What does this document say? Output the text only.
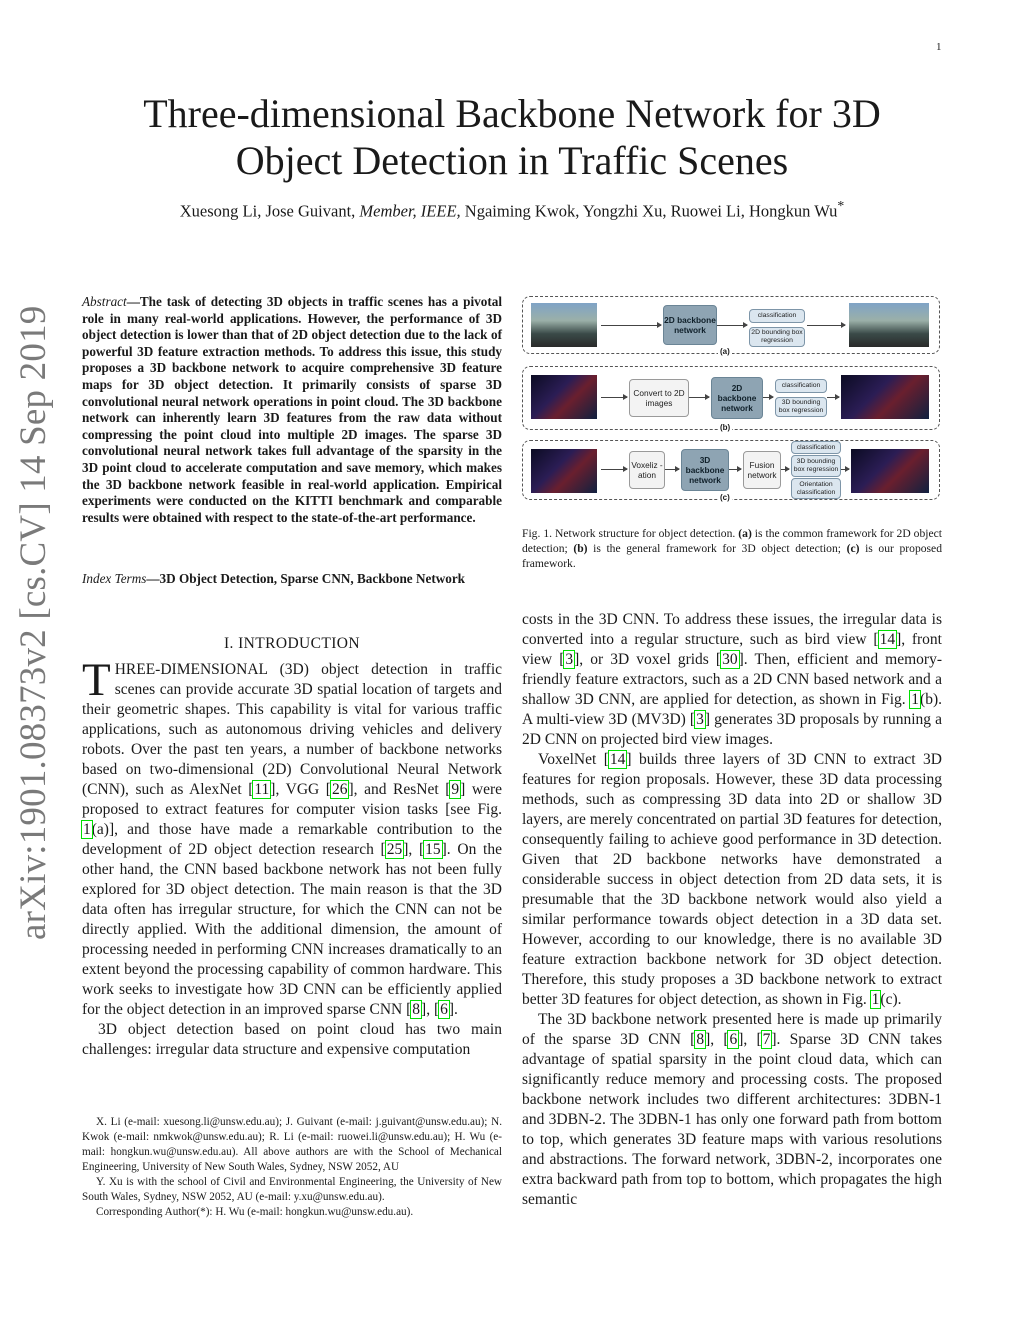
1
Three-dimensional Backbone Network for 3D Object Detection in Traffic Scenes
Xuesong Li, Jose Guivant, Member, IEEE, Ngaiming Kwok, Yongzhi Xu, Ruowei Li, Hongkun Wu*
arXiv:1901.08373v2 [cs.CV] 14 Sep 2019
Abstract—The task of detecting 3D objects in traffic scenes has a pivotal role in many real-world applications. However, the performance of 3D object detection is lower than that of 2D object detection due to the lack of powerful 3D feature extraction methods. To address this issue, this study proposes a 3D backbone network to acquire comprehensive 3D feature maps for 3D object detection. It primarily consists of sparse 3D convolutional neural network operations in point cloud. The 3D backbone network can inherently learn 3D features from the raw data without compressing the point cloud into multiple 2D images. The sparse 3D convolutional neural network takes full advantage of the sparsity in the 3D point cloud to accelerate computation and save memory, which makes the 3D backbone network feasible in real-world application. Empirical experiments were conducted on the KITTI benchmark and comparable results were obtained with respect to the state-of-the-art performance.
Index Terms—3D Object Detection, Sparse CNN, Backbone Network
I. INTRODUCTION

THREE-DIMENSIONAL (3D) object detection in traffic scenes can provide accurate 3D spatial location of targets and their geometric shapes. This capability is vital for various traffic applications, such as autonomous driving vehicles and delivery robots. Over the past ten years, a number of backbone networks based on two-dimensional (2D) Convolutional Neural Network (CNN), such as AlexNet [11], VGG [26], and ResNet [9] were proposed to extract features for computer vision tasks [see Fig. 1(a)], and those have made a remarkable contribution to the development of 2D object detection research [25], [15]. On the other hand, the CNN based backbone network has not been fully explored for 3D object detection. The main reason is that the 3D data often has irregular structure, for which the CNN can not be directly applied. With the additional dimension, the amount of processing needed in performing CNN increases dramatically to an extent beyond the processing capability of common hardware. This work seeks to investigate how 3D CNN can be efficiently applied for the object detection in an improved sparse CNN [8], [6].

3D object detection based on point cloud has two main challenges: irregular data structure and expensive computation

X. Li (e-mail: xuesong.li@unsw.edu.au); J. Guivant (e-mail: j.guivant@unsw.edu.au); N. Kwok (e-mail: nmkwok@unsw.edu.au); R. Li (e-mail: ruowei.li@unsw.edu.au); H. Wu (e-mail: hongkun.wu@unsw.edu.au). All above authors are with the School of Mechanical Engineering, University of New South Wales, Sydney, NSW 2052, AU

Y. Xu is with the school of Civil and Environmental Engineering, the University of New South Wales, Sydney, NSW 2052, AU (e-mail: y.xu@unsw.edu.au).

Corresponding Author(*): H. Wu (e-mail: hongkun.wu@unsw.edu.au).

2D backbone network
classification
2D bounding box regression
(a)
Convert to 2D images
2D backbone network
classification
3D bounding box regression
(b)
Voxeliz -ation
3D backbone network
Fusion network
classification
3D bounding box regression
Orientation classification
(c)
Fig. 1. Network structure for object detection. (a) is the common framework for 2D object detection; (b) is the general framework for 3D object detection; (c) is our proposed framework.

costs in the 3D CNN. To address these issues, the irregular data is converted into a regular structure, such as bird view [14], front view [3], or 3D voxel grids [30]. Then, efficient and memory-friendly feature extractors, such as a 2D CNN based network and a shallow 3D CNN, are applied for detection, as shown in Fig. 1(b). A multi-view 3D (MV3D) [3] generates 3D proposals by running a 2D CNN on projected bird view images.

VoxelNet [14] builds three layers of 3D CNN to extract 3D features for region proposals. However, these 3D data processing methods, such as compressing 3D data into 2D or shallow 3D layers, are merely concentrated on partial 3D features for detection, consequently failing to achieve good performance in 3D detection. Given that 2D backbone networks have demonstrated a considerable success in object detection from 2D data sets, it is presumable that the 3D backbone network would also yield a similar performance towards object detection in a 3D data set. However, according to our knowledge, there is no available 3D feature extraction backbone network for 3D object detection. Therefore, this study proposes a 3D backbone network to extract better 3D features for object detection, as shown in Fig. 1(c).

The 3D backbone network presented here is made up primarily of the sparse 3D CNN [8], [6], [7]. Sparse 3D CNN takes advantage of spatial sparsity in the point cloud data, which can significantly reduce memory and processing costs. The proposed backbone network includes two different architectures: 3DBN-1 and 3DBN-2. The 3DBN-1 has only one forward path from bottom to top, which generates 3D feature maps with various resolutions and abstractions. The forward network, 3DBN-2, incorporates one extra backward path from top to bottom, which propagates the high semantic
